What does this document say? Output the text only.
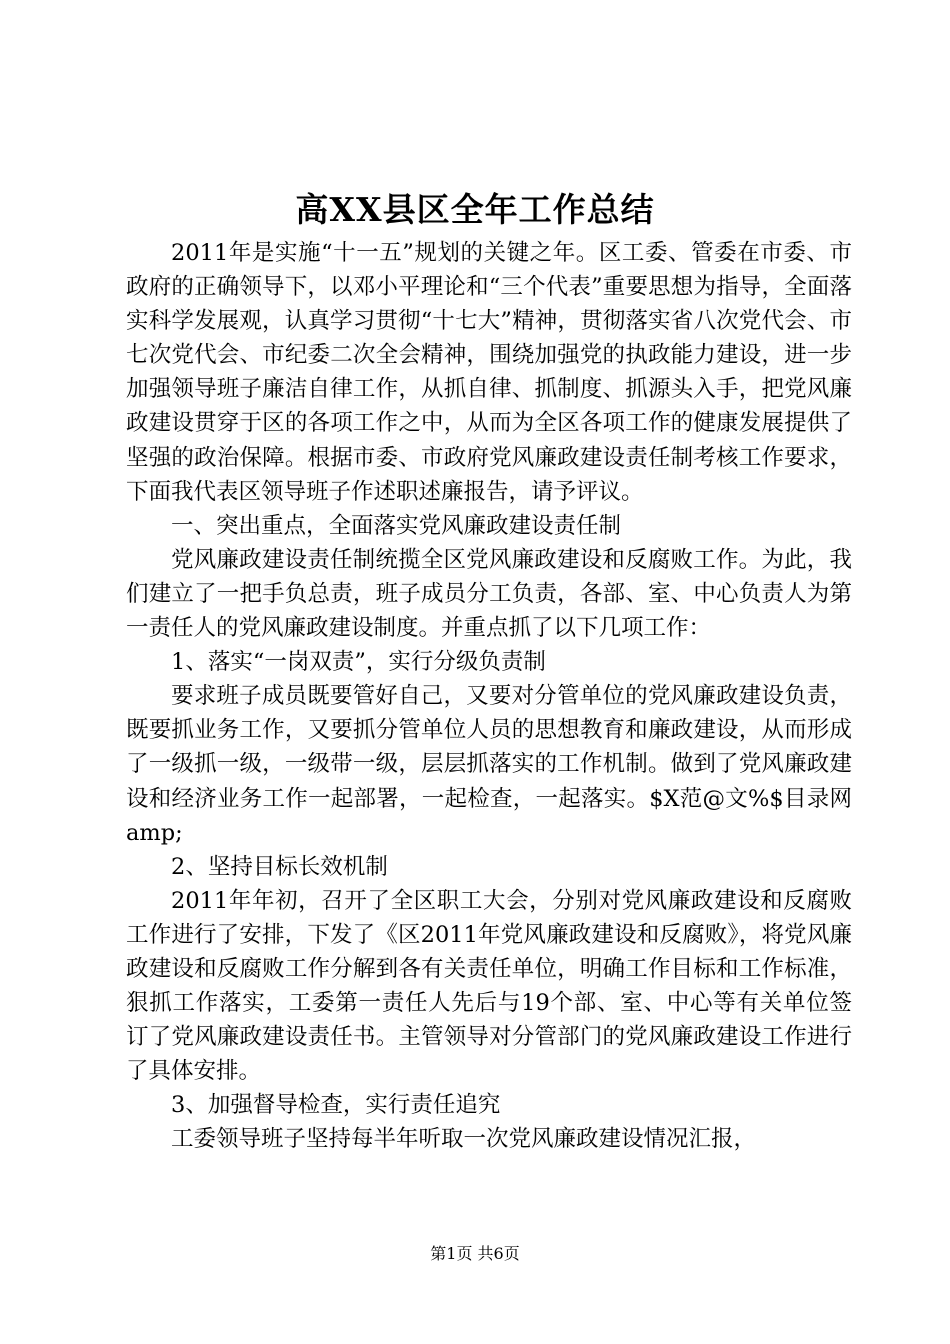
高XX县区全年工作总结

2011年是实施“十一五”规划的关键之年。区工委、管委在市委、市政府的正确领导下，以邓小平理论和“三个代表”重要思想为指导，全面落实科学发展观，认真学习贯彻“十七大”精神，贯彻落实省八次党代会、市七次党代会、市纪委二次全会精神，围绕加强党的执政能力建设，进一步加强领导班子廉洁自律工作，从抓自律、抓制度、抓源头入手，把党风廉政建设贯穿于区的各项工作之中，从而为全区各项工作的健康发展提供了坚强的政治保障。根据市委、市政府党风廉政建设责任制考核工作要求，下面我代表区领导班子作述职述廉报告，请予评议。

一、突出重点，全面落实党风廉政建设责任制

党风廉政建设责任制统揽全区党风廉政建设和反腐败工作。为此，我们建立了一把手负总责，班子成员分工负责，各部、室、中心负责人为第一责任人的党风廉政建设制度。并重点抓了以下几项工作：

1、落实“一岗双责”，实行分级负责制

要求班子成员既要管好自己，又要对分管单位的党风廉政建设负责，既要抓业务工作，又要抓分管单位人员的思想教育和廉政建设，从而形成了一级抓一级，一级带一级，层层抓落实的工作机制。做到了党风廉政建设和经济业务工作一起部署，一起检查，一起落实。$X范@文%$目录网amp;

2、坚持目标长效机制

2011年年初，召开了全区职工大会，分别对党风廉政建设和反腐败工作进行了安排，下发了《区2011年党风廉政建设和反腐败》，将党风廉政建设和反腐败工作分解到各有关责任单位，明确工作目标和工作标准，狠抓工作落实，工委第一责任人先后与19个部、室、中心等有关单位签订了党风廉政建设责任书。主管领导对分管部门的党风廉政建设工作进行了具体安排。

3、加强督导检查，实行责任追究

工委领导班子坚持每半年听取一次党风廉政建设情况汇报，

第1页 共6页
